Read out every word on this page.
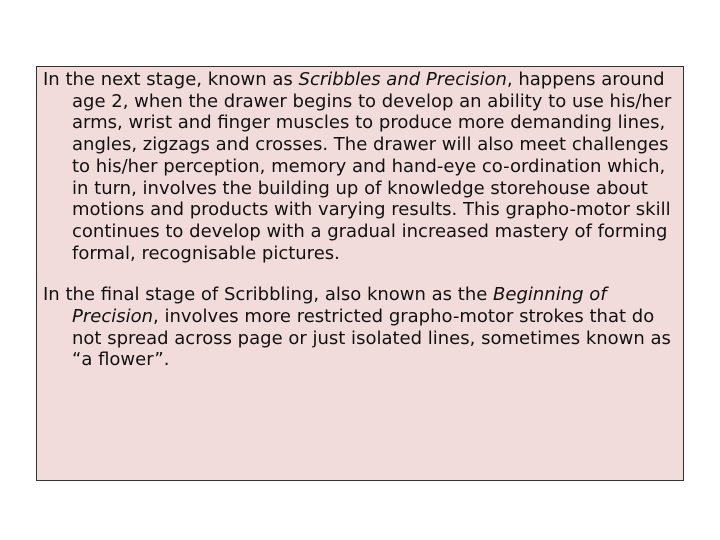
In the next stage, known as Scribbles and Precision, happens around age 2, when the drawer begins to develop an ability to use his/her arms, wrist and finger muscles to produce more demanding lines, angles, zigzags and crosses. The drawer will also meet challenges to his/her perception, memory and hand-eye co-ordination which, in turn, involves the building up of knowledge storehouse about motions and products with varying results. This grapho-motor skill continues to develop with a gradual increased mastery of forming formal, recognisable pictures.

In the final stage of Scribbling, also known as the Beginning of Precision, involves more restricted grapho-motor strokes that do not spread across page or just isolated lines, sometimes known as “a flower”.
